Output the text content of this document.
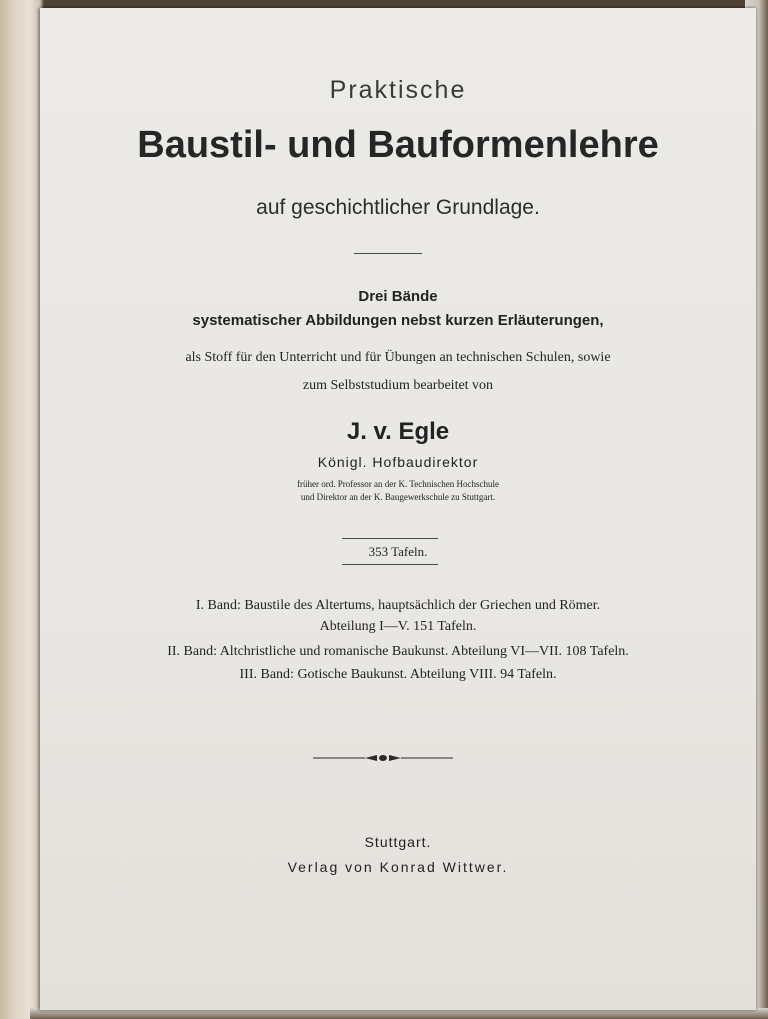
Praktische
Baustil- und Bauformenlehre
auf geschichtlicher Grundlage.
Drei Bände
systematischer Abbildungen nebst kurzen Erläuterungen,
als Stoff für den Unterricht und für Übungen an technischen Schulen, sowie
zum Selbststudium bearbeitet von
J. v. Egle
Königl. Hofbaudirektor
früher ord. Professor an der K. Technischen Hochschule
und Direktor an der K. Baugewerkschule zu Stuttgart.
353 Tafeln.
I. Band: Baustile des Altertums, hauptsächlich der Griechen und Römer.
Abteilung I—V. 151 Tafeln.
II. Band: Altchristliche und romanische Baukunst. Abteilung VI—VII. 108 Tafeln.
III. Band: Gotische Baukunst. Abteilung VIII. 94 Tafeln.
Stuttgart.
Verlag von Konrad Wittwer.
